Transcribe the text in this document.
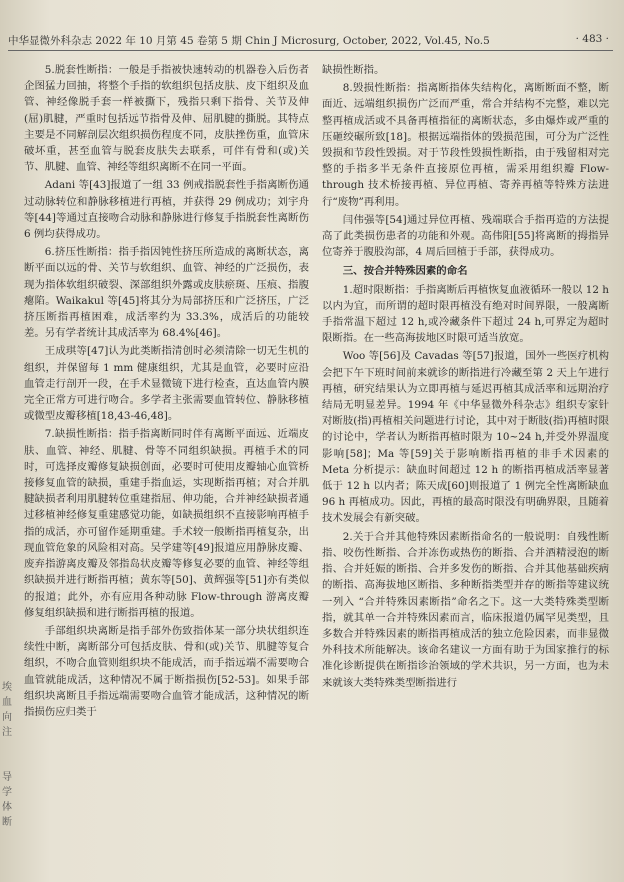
中华显微外科杂志 2022 年 10 月第 45 卷第 5 期 Chin J Microsurg, October, 2022, Vol.45, No.5	· 483 ·

5.脱套性断指：一般是手指被快速转动的机器卷入后伤者企图猛力回抽，将整个手指的软组织包括皮肤、皮下组织及血管、神经像脱手套一样被撕下，残指只剩下指骨、关节及伸(屈)肌腱，严重时包括远节指骨及伸、屈肌腱的撕脱。其特点主要是不同解剖层次组织损伤程度不同，皮肤挫伤重，血管床破坏重，甚至血管与脱套皮肤失去联系，可伴有骨和(或)关节、肌腱、血管、神经等组织离断不在同一平面。

Adani 等[43]报道了一组 33 例戒指脱套性手指离断伤通过动脉转位和静脉移植进行再植，并获得 29 例成功；刘宇舟等[44]等通过直接吻合动脉和静脉进行修复手指脱套性离断伤 6 例均获得成功。

6.挤压性断指：指手指因钝性挤压所造成的离断状态，离断平面以远的骨、关节与软组织、血管、神经的广泛损伤，表现为指体软组织破裂、深部组织外露或皮肤瘀斑、压痕、指腹瘪陷。Waikakul 等[45]将其分为局部挤压和广泛挤压，广泛挤压断指再植困难，成活率约为 33.3%，成活后的功能较差。另有学者统计其成活率为 68.4%[46]。

王成琪等[47]认为此类断指清创时必须清除一切无生机的组织，并保留每 1 mm 健康组织，尤其是血管，必要时应沿血管走行剖开一段，在手术显微镜下进行检查，直达血管内膜完全正常方可进行吻合。多学者主张需要血管转位、静脉移植或微型皮瓣移植[18,43-46,48]。

7.缺损性断指：指手指离断同时伴有离断平面远、近端皮肤、血管、神经、肌腱、骨等不同组织缺损。再植手术的同时，可选择皮瓣修复缺损创面，必要时可使用皮瓣轴心血管桥接修复血管的缺损，重建手指血运，实现断指再植；对合并肌腱缺损者利用肌腱转位重建指屈、伸功能，合并神经缺损者通过移植神经修复重建感觉功能，如缺损组织不直接影响再植手指的成活，亦可留作延期重建。手术较一般断指再植复杂，出现血管危象的风险相对高。吴学建等[49]报道应用静脉皮瓣、废弃指游离皮瓣及邻指岛状皮瓣等修复必要的血管、神经等组织缺损并进行断指再植；黄东等[50]、黄辉强等[51]亦有类似的报道；此外，亦有应用各种动脉 Flow-through 游离皮瓣修复组织缺损和进行断指再植的报道。

手部组织块离断是指手部外伤致指体某一部分块状组织连续性中断，离断部分可包括皮肤、骨和(或)关节、肌腱等复合组织，不吻合血管则组织块不能成活，而手指远端不需要吻合血管就能成活，这种情况不属于断指损伤[52-53]。如果手部组织块离断且手指远端需要吻合血管才能成活，这种情况的断指损伤应归类于

缺损性断指。

8.毁损性断指：指离断指体失结构化，离断断面不整，断面近、远端组织损伤广泛而严重，常合并结构不完整，难以完整再植成活或不具备再植指征的离断状态，多由爆炸或严重的压砸绞碾所致[18]。根据远端指体的毁损范围，可分为广泛性毁损和节段性毁损。对于节段性毁损性断指，由于残留相对完整的手指多半无条件直接原位再植，需采用组织瓣 Flow-through 技术桥接再植、异位再植、寄养再植等特殊方法进行“废物”再利用。

闫伟强等[54]通过异位再植、残端联合手指再造的方法提高了此类损伤患者的功能和外观。高伟阳[55]将离断的拇指异位寄养于腹股沟部，4 周后回植于手部，获得成功。

三、按合并特殊因素的命名

1.超时限断指：手指离断后再植恢复血液循环一般以 12 h 以内为宜，而所谓的超时限再植没有绝对时间界限，一般离断手指常温下超过 12 h,或冷藏条件下超过 24 h,可界定为超时限断指。在一些高海拔地区时限可适当放宽。

Woo 等[56]及 Cavadas 等[57]报道，国外一些医疗机构会把下午下班时间前来就诊的断指进行冷藏至第 2 天上午进行再植，研究结果认为立即再植与延迟再植其成活率和远期治疗结局无明显差异。1994 年《中华显微外科杂志》组织专家针对断肢(指)再植相关问题进行讨论，其中对于断肢(指)再植时限的讨论中，学者认为断指再植时限为 10~24 h,并受外界温度影响[58]；Ma 等[59]关于影响断指再植的非手术因素的 Meta 分析提示：缺血时间超过 12 h 的断指再植成活率显著低于 12 h 以内者；陈天成[60]则报道了 1 例完全性离断缺血 96 h 再植成功。因此，再植的最高时限没有明确界限，且随着技术发展会有新突破。

2.关于合并其他特殊因素断指命名的一般说明：自残性断指、咬伤性断指、合并冻伤或热伤的断指、合并酒精浸泡的断指、合并妊娠的断指、合并多发伤的断指、合并其他基础疾病的断指、高海拔地区断指、多种断指类型并存的断指等建议统一列入 “合并特殊因素断指”命名之下。这一大类特殊类型断指，就其单一合并特殊因素而言，临床报道仍属罕见类型，且多数合并特殊因素的断指再植成活的独立危险因素，而非显微外科技术所能解决。该命名建议一方面有助于为国家推行的标准化诊断提供在断指诊治领域的学术共识，另一方面，也为未来就该大类特殊类型断指进行

埃
血
向
注

导
学
体
断
